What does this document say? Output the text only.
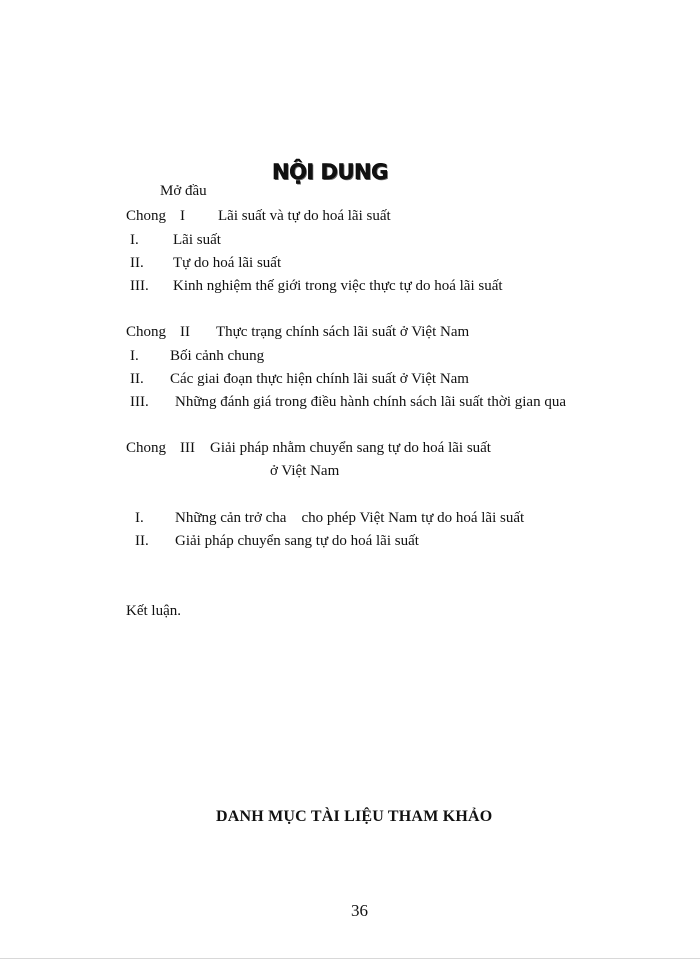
NỘI DUNG
Mở đầu
Chong I Lãi suất và tự do hoá lãi suất
I. Lãi suất
II. Tự do hoá lãi suất
III. Kinh nghiệm thế giới trong việc thực tự do hoá lãi suất
Chong II Thực trạng chính sách lãi suất ở Việt Nam
I. Bối cảnh chung
II. Các giai đoạn thực hiện chính lãi suất ở Việt Nam
III. Những đánh giá trong điều hành chính sách lãi suất thời gian qua
Chong III Giải pháp nhằm chuyển sang tự do hoá lãi suất
ở Việt Nam
I. Những cản trở cha    cho phép Việt Nam tự do hoá lãi suất
II. Giải pháp chuyển sang tự do hoá lãi suất
Kết luận.
DANH MỤC TÀI LIỆU THAM KHẢO
36
